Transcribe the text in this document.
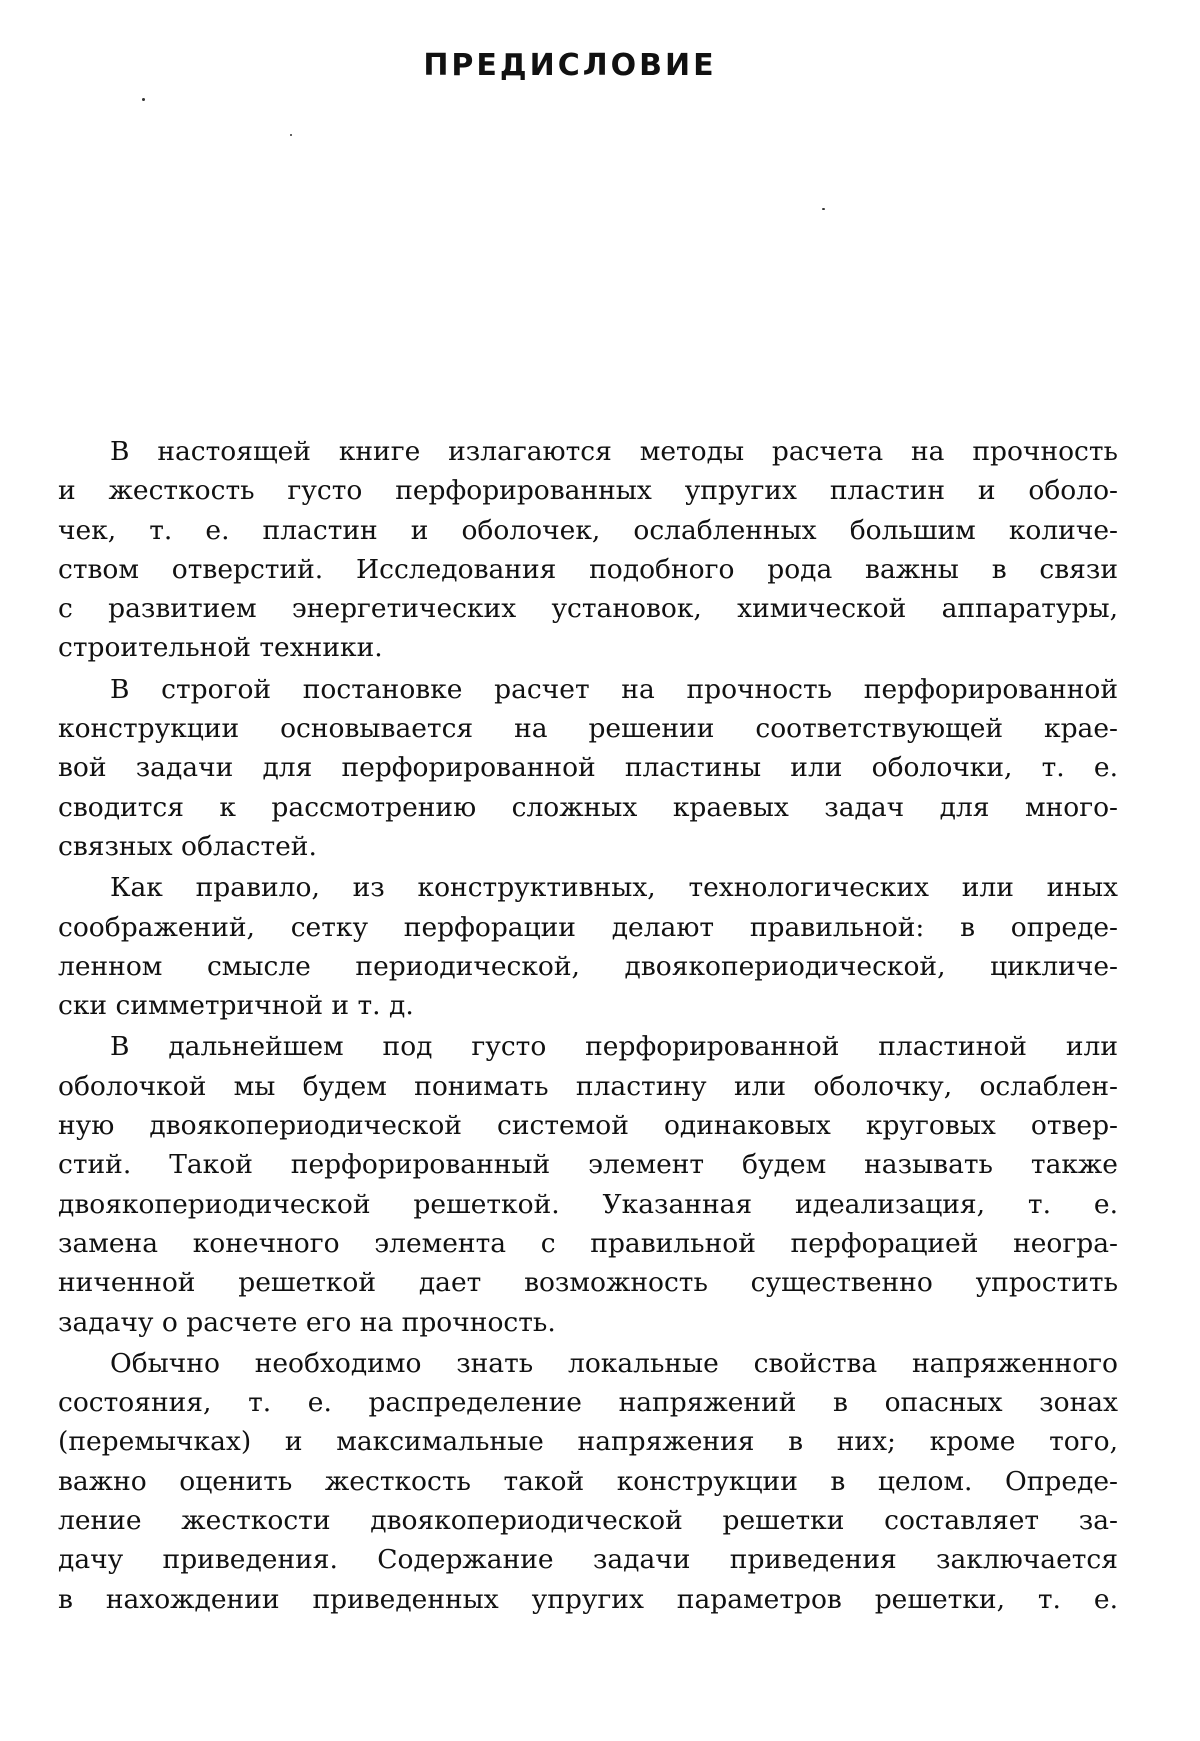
ПРЕДИСЛОВИЕ
В настоящей книге излагаются методы расчета на прочность
и жесткость густо перфорированных упругих пластин и оболо-
чек, т. е. пластин и оболочек, ослабленных большим количе-
ством отверстий. Исследования подобного рода важны в связи
с развитием энергетических установок, химической аппаратуры,
строительной техники.
В строгой постановке расчет на прочность перфорированной
конструкции основывается на решении соответствующей крае-
вой задачи для перфорированной пластины или оболочки, т. е.
сводится к рассмотрению сложных краевых задач для много-
связных областей.
Как правило, из конструктивных, технологических или иных
соображений, сетку перфорации делают правильной: в опреде-
ленном смысле периодической, двоякопериодической, цикличе-
ски симметричной и т. д.
В дальнейшем под густо перфорированной пластиной или
оболочкой мы будем понимать пластину или оболочку, ослаблен-
ную двоякопериодической системой одинаковых круговых отвер-
стий. Такой перфорированный элемент будем называть также
двоякопериодической решеткой. Указанная идеализация, т. е.
замена конечного элемента с правильной перфорацией неогра-
ниченной решеткой дает возможность существенно упростить
задачу о расчете его на прочность.
Обычно необходимо знать локальные свойства напряженного
состояния, т. е. распределение напряжений в опасных зонах
(перемычках) и максимальные напряжения в них; кроме того,
важно оценить жесткость такой конструкции в целом. Опреде-
ление жесткости двоякопериодической решетки составляет за-
дачу приведения. Содержание задачи приведения заключается
в нахождении приведенных упругих параметров решетки, т. е.
